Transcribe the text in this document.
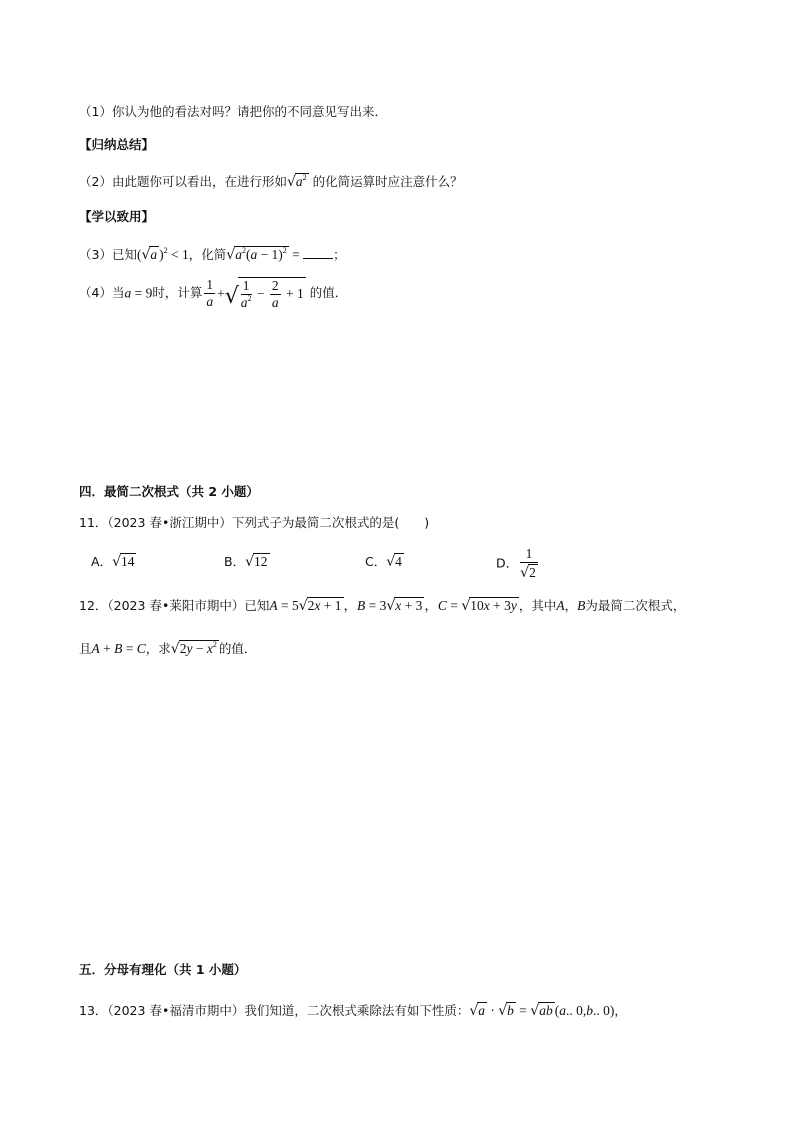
（1）你认为他的看法对吗？请把你的不同意见写出来．
【归纳总结】
（2）由此题你可以看出，在进行形如$√a^2$ 的化简运算时应注意什么？
【学以致用】
（3）已知(√a )$^2$ < 1，化简$√a^2(a - 1)^2$ = ；
（4）当a = 9时，计算 $\frac{1}{a}$ +√ $\frac{1}{a^2} - \frac{2}{a} + 1$ 的值．
四．最简二次根式（共 2 小题）
11．（2023 春•浙江期中）下列式子为最简二次根式的是(　　)
A．√14	B．√12	C．√4	D． $\frac{1}{√2}$
12．（2023 春•莱阳市期中）已知A = 5√2x + 1 ，B = 3√x + 3 ，C = √10x + 3y ，其中A，B为最简二次根式，
且A + B = C，求$√2y - x^2$ 的值．
五．分母有理化（共 1 小题）
13．（2023 春•福清市期中）我们知道，二次根式乘除法有如下性质：√a · √b = √ab (a.. 0,b.. 0)，
